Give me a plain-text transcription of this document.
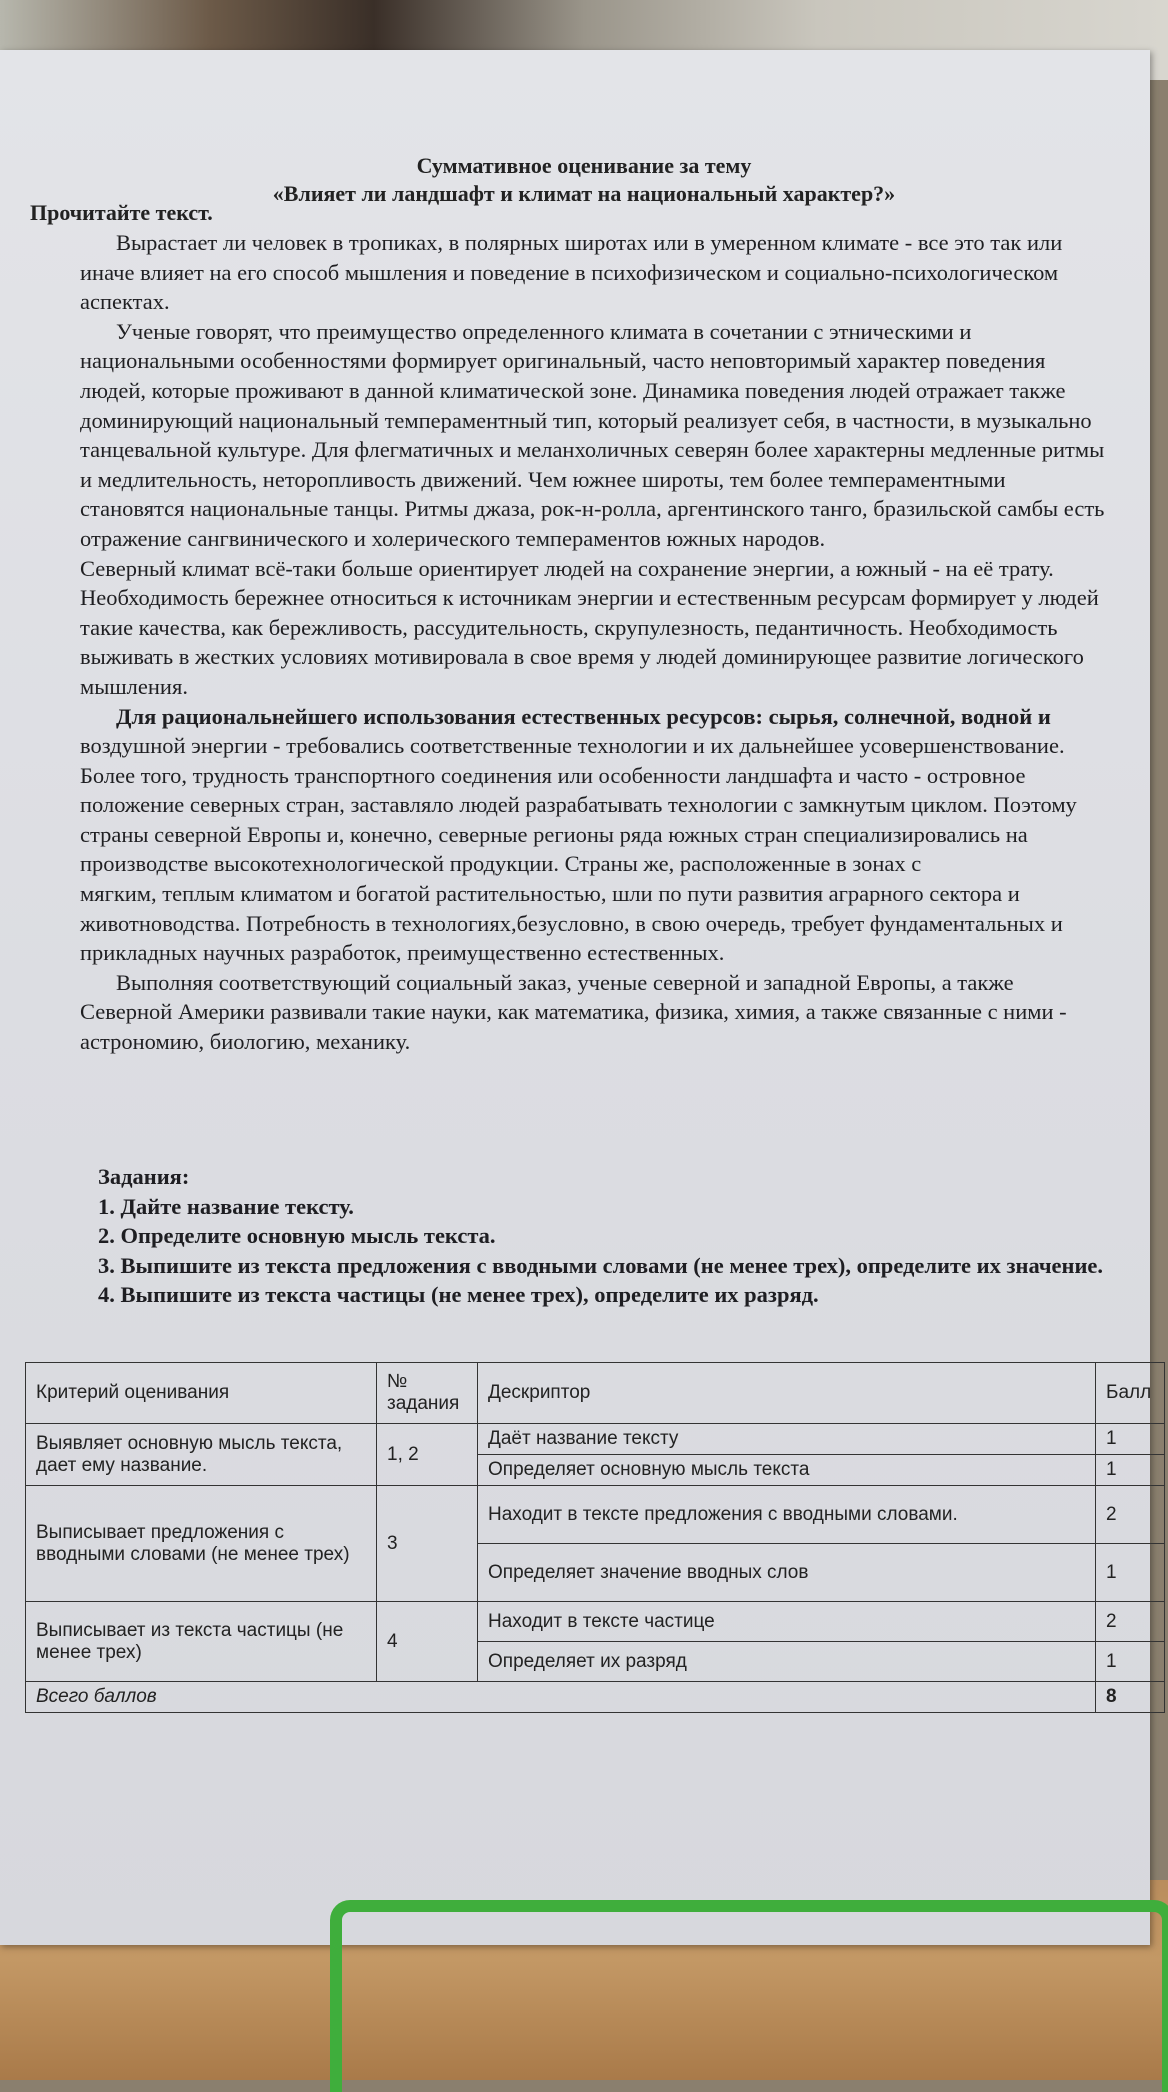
Суммативное оценивание за тему
«Влияет ли ландшафт и климат на национальный характер?»
Прочитайте текст.

Вырастает ли человек в тропиках, в полярных широтах или в умеренном климате - все это так или иначе влияет на его способ мышления и поведение в психофизическом и социально-психологическом аспектах.

Ученые говорят, что преимущество определенного климата в сочетании с этническими и национальными особенностями формирует оригинальный, часто неповторимый характер поведения людей, которые проживают в данной климатической зоне. Динамика поведения людей отражает также доминирующий национальный темпераментный тип, который реализует себя, в частности, в музыкально танцевальной культуре. Для флегматичных и меланхоличных северян более характерны медленные ритмы и медлительность, неторопливость движений. Чем южнее широты, тем более темпераментными становятся национальные танцы. Ритмы джаза, рок-н-ролла, аргентинского танго, бразильской самбы есть отражение сангвинического и холерического темпераментов южных народов.

Северный климат всё-таки больше ориентирует людей на сохранение энергии, а южный - на её трату. Необходимость бережнее относиться к источникам энергии и естественным ресурсам формирует у людей такие качества, как бережливость, рассудительность, скрупулезность, педантичность. Необходимость выживать в жестких условиях мотивировала в свое время у людей доминирующее развитие логического мышления.

Для рациональнейшего использования естественных ресурсов: сырья, солнечной, водной и воздушной энергии - требовались соответственные технологии и их дальнейшее усовершенствование. Более того, трудность транспортного соединения или особенности ландшафта и часто - островное положение северных стран, заставляло людей разрабатывать технологии с замкнутым циклом. Поэтому страны северной Европы и, конечно, северные регионы ряда южных стран специализировались на производстве высокотехнологической продукции. Страны же, расположенные в зонах с

мягким, теплым климатом и богатой растительностью, шли по пути развития аграрного сектора и животноводства. Потребность в технологиях,безусловно, в свою очередь, требует фундаментальных и прикладных научных разработок, преимущественно естественных.

Выполняя соответствующий социальный заказ, ученые северной и западной Европы, а также Северной Америки развивали такие науки, как математика, физика, химия, а также связанные с ними - астрономию, биологию, механику.

Задания:

1. Дайте название тексту.

2. Определите основную мысль текста.

3. Выпишите из текста предложения с вводными словами (не менее трех), определите их значение.

4. Выпишите из текста частицы (не менее трех), определите их разряд.

Критерий оценивания	№ задания	Дескриптор	Балл
Выявляет основную мысль текста, дает ему название.	1, 2	Даёт название тексту	1
		Определяет основную мысль текста	1
Выписывает предложения с вводными словами (не менее трех)	3	Находит в тексте предложения с вводными словами.	2
		Определяет значение вводных слов	1
Выписывает из текста частицы (не менее трех)	4	Находит в тексте частице	2
		Определяет их разряд	1
Всего баллов			8
